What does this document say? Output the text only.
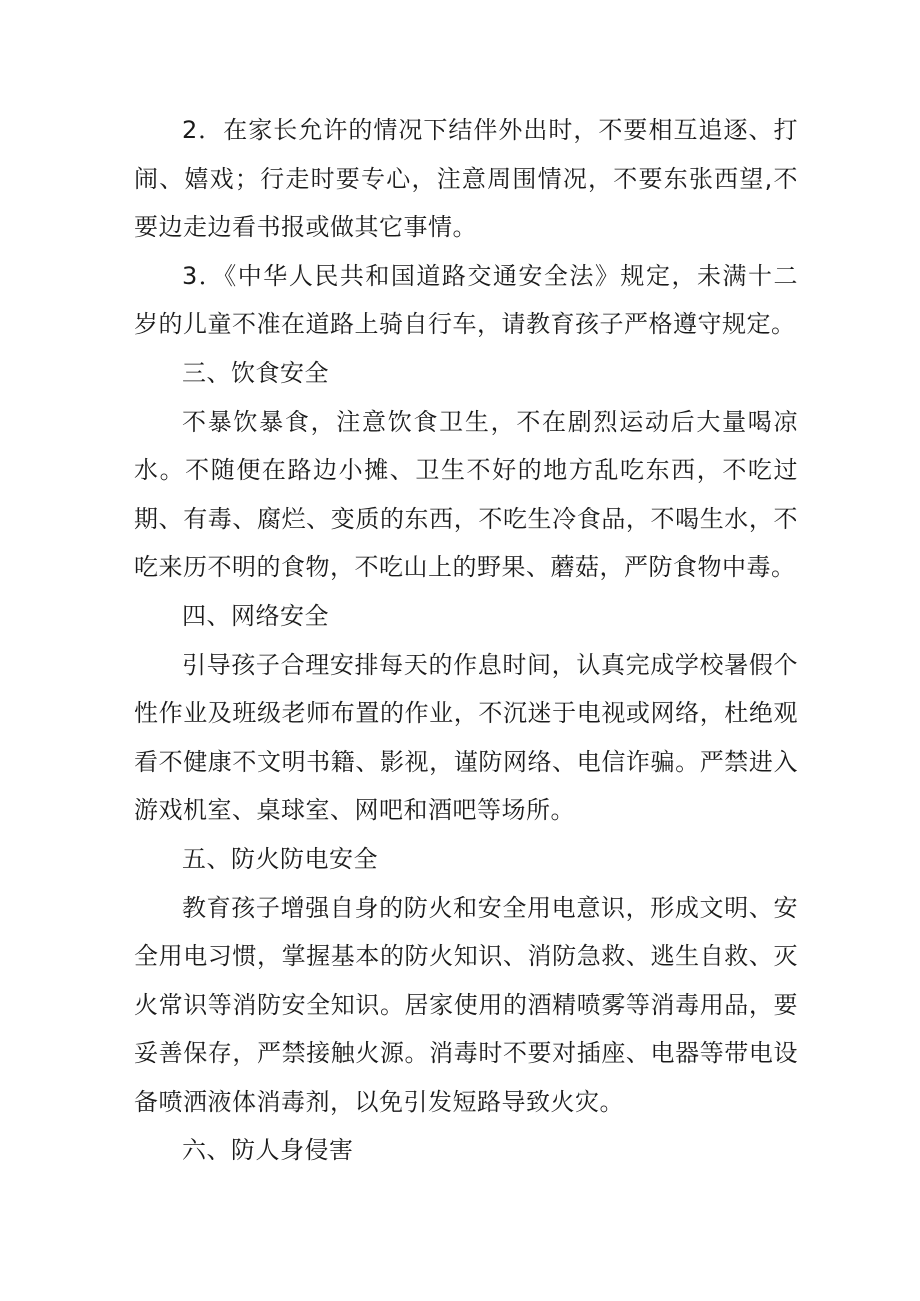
2．在家长允许的情况下结伴外出时，不要相互追逐、打闹、嬉戏；行走时要专心，注意周围情况，不要东张西望,不要边走边看书报或做其它事情。

3．《中华人民共和国道路交通安全法》规定，未满十二岁的儿童不准在道路上骑自行车，请教育孩子严格遵守规定。

三、饮食安全

不暴饮暴食，注意饮食卫生，不在剧烈运动后大量喝凉水。不随便在路边小摊、卫生不好的地方乱吃东西，不吃过期、有毒、腐烂、变质的东西，不吃生冷食品，不喝生水，不吃来历不明的食物，不吃山上的野果、蘑菇，严防食物中毒。

四、网络安全

引导孩子合理安排每天的作息时间，认真完成学校暑假个性作业及班级老师布置的作业，不沉迷于电视或网络，杜绝观看不健康不文明书籍、影视，谨防网络、电信诈骗。严禁进入游戏机室、桌球室、网吧和酒吧等场所。

五、防火防电安全

教育孩子增强自身的防火和安全用电意识，形成文明、安全用电习惯，掌握基本的防火知识、消防急救、逃生自救、灭火常识等消防安全知识。居家使用的酒精喷雾等消毒用品，要妥善保存，严禁接触火源。消毒时不要对插座、电器等带电设备喷洒液体消毒剂，以免引发短路导致火灾。

六、防人身侵害
